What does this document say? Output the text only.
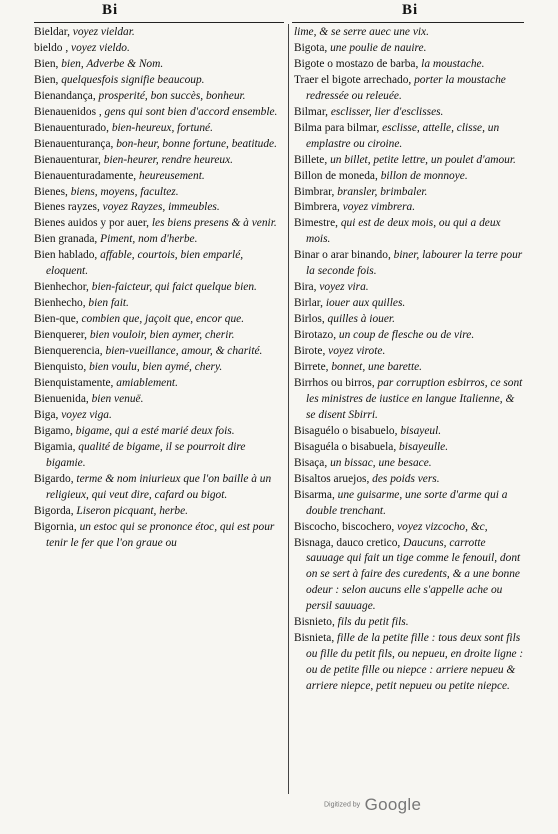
Bi	Bi

Bieldar, voyez vieldar.

bieldo , voyez vieldo.

Bien, bien, Adverbe & Nom.

Bien, quelquesfois signifie beaucoup.

Bienandança, prosperité, bon succès, bonheur.

Bienauenidos , gens qui sont bien d'accord ensemble.

Bienauenturado, bien-heureux, fortuné.

Bienauenturança, bon-heur, bonne fortune, beatitude.

Bienauenturar, bien-heurer, rendre heureux.

Bienauenturadamente, heureusement.

Bienes, biens, moyens, facultez.

Bienes rayzes, voyez Rayzes, immeubles.

Bienes auidos y por auer, les biens presens & à venir.

Bien granada, Piment, nom d'herbe.

Bien hablado, affable, courtois, bien emparlé, eloquent.

Bienhechor, bien-faicteur, qui faict quelque bien.

Bienhecho, bien fait.

Bien-que, combien que, jaçoit que, encor que.

Bienquerer, bien vouloir, bien aymer, cherir.

Bienquerencia, bien-vueillance, amour, & charité.

Bienquisto, bien voulu, bien aymé, chery.

Bienquistamente, amiablement.

Bienuenida, bien venuë.

Biga, voyez viga.

Bigamo, bigame, qui a esté marié deux fois.

Bigamia, qualité de bigame, il se pourroit dire bigamie.

Bigardo, terme & nom iniurieux que l'on baille à un religieux, qui veut dire, cafard ou bigot.

Bigorda, Liseron picquant, herbe.

Bigornia, un estoc qui se prononce étoc, qui est pour tenir le fer que l'on graue ou

lime, & se serre auec une vix.

Bigota, une poulie de nauire.

Bigote o mostazo de barba, la moustache.

Traer el bigote arrechado, porter la moustache redressée ou releuée.

Bilmar, esclisser, lier d'esclisses.

Bilma para bilmar, esclisse, attelle, clisse, un emplastre ou ciroine.

Billete, un billet, petite lettre, un poulet d'amour.

Billon de moneda, billon de monnoye.

Bimbrar, bransler, brimbaler.

Bimbrera, voyez vimbrera.

Bimestre, qui est de deux mois, ou qui a deux mois.

Binar o arar binando, biner, labourer la terre pour la seconde fois.

Bira, voyez vira.

Birlar, iouer aux quilles.

Birlos, quilles à iouer.

Birotazo, un coup de flesche ou de vire.

Birote, voyez virote.

Birrete, bonnet, une barette.

Birrhos ou birros, par corruption esbirros, ce sont les ministres de iustice en langue Italienne, & se disent Sbirri.

Bisaguélo o bisabuelo, bisayeul.

Bisaguéla o bisabuela, bisayeulle.

Bisaça, un bissac, une besace.

Bisaltos aruejos, des poids vers.

Bisarma, une guisarme, une sorte d'arme qui a double trenchant.

Biscocho, biscochero, voyez vizcocho, &c,

Bisnaga, dauco cretico, Daucuns, carrotte sauuage qui fait un tige comme le fenouil, dont on se sert à faire des curedents, & a une bonne odeur : selon aucuns elle s'appelle ache ou persil sauuage.

Bisnieto, fils du petit fils.

Bisnieta, fille de la petite fille : tous deux sont fils ou fille du petit fils, ou nepueu, en droite ligne : ou de petite fille ou niepce : arriere nepueu & arriere niepce, petit nepueu ou petite niepce.

Digitized by Google
